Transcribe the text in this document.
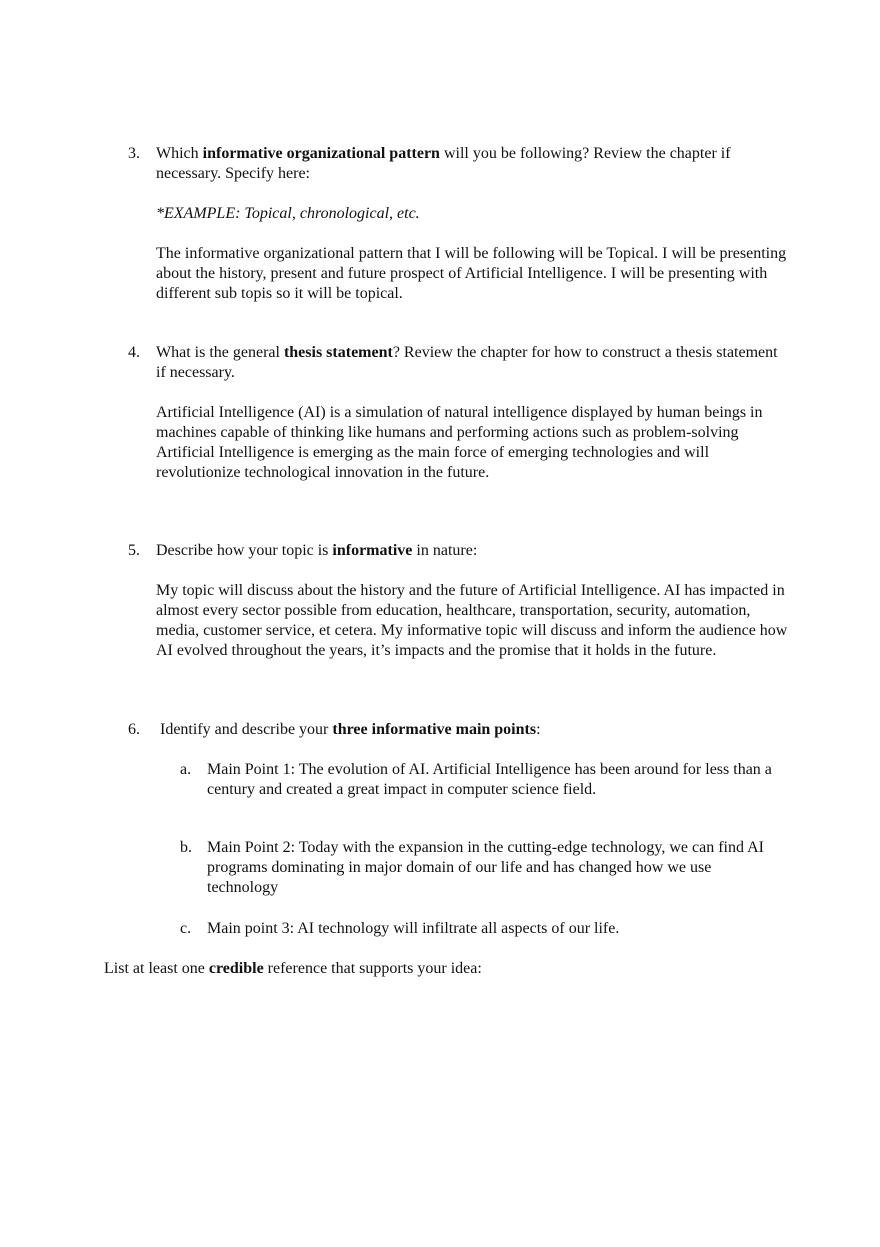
3. Which informative organizational pattern will you be following? Review the chapter if necessary. Specify here:

*EXAMPLE: Topical, chronological, etc.

The informative organizational pattern that I will be following will be Topical. I will be presenting about the history, present and future prospect of Artificial Intelligence. I will be presenting with different sub topis so it will be topical.

4. What is the general thesis statement? Review the chapter for how to construct a thesis statement if necessary.

Artificial Intelligence (AI) is a simulation of natural intelligence displayed by human beings in machines capable of thinking like humans and performing actions such as problem-solving

Artificial Intelligence is emerging as the main force of emerging technologies and will revolutionize technological innovation in the future.

5. Describe how your topic is informative in nature:

My topic will discuss about the history and the future of Artificial Intelligence. AI has impacted in almost every sector possible from education, healthcare, transportation, security, automation, media, customer service, et cetera. My informative topic will discuss and inform the audience how AI evolved throughout the years, it’s impacts and the promise that it holds in the future.

6. Identify and describe your three informative main points:

a. Main Point 1: The evolution of AI. Artificial Intelligence has been around for less than a century and created a great impact in computer science field.

b. Main Point 2: Today with the expansion in the cutting-edge technology, we can find AI programs dominating in major domain of our life and has changed how we use technology

c. Main point 3: AI technology will infiltrate all aspects of our life.

List at least one credible reference that supports your idea:
